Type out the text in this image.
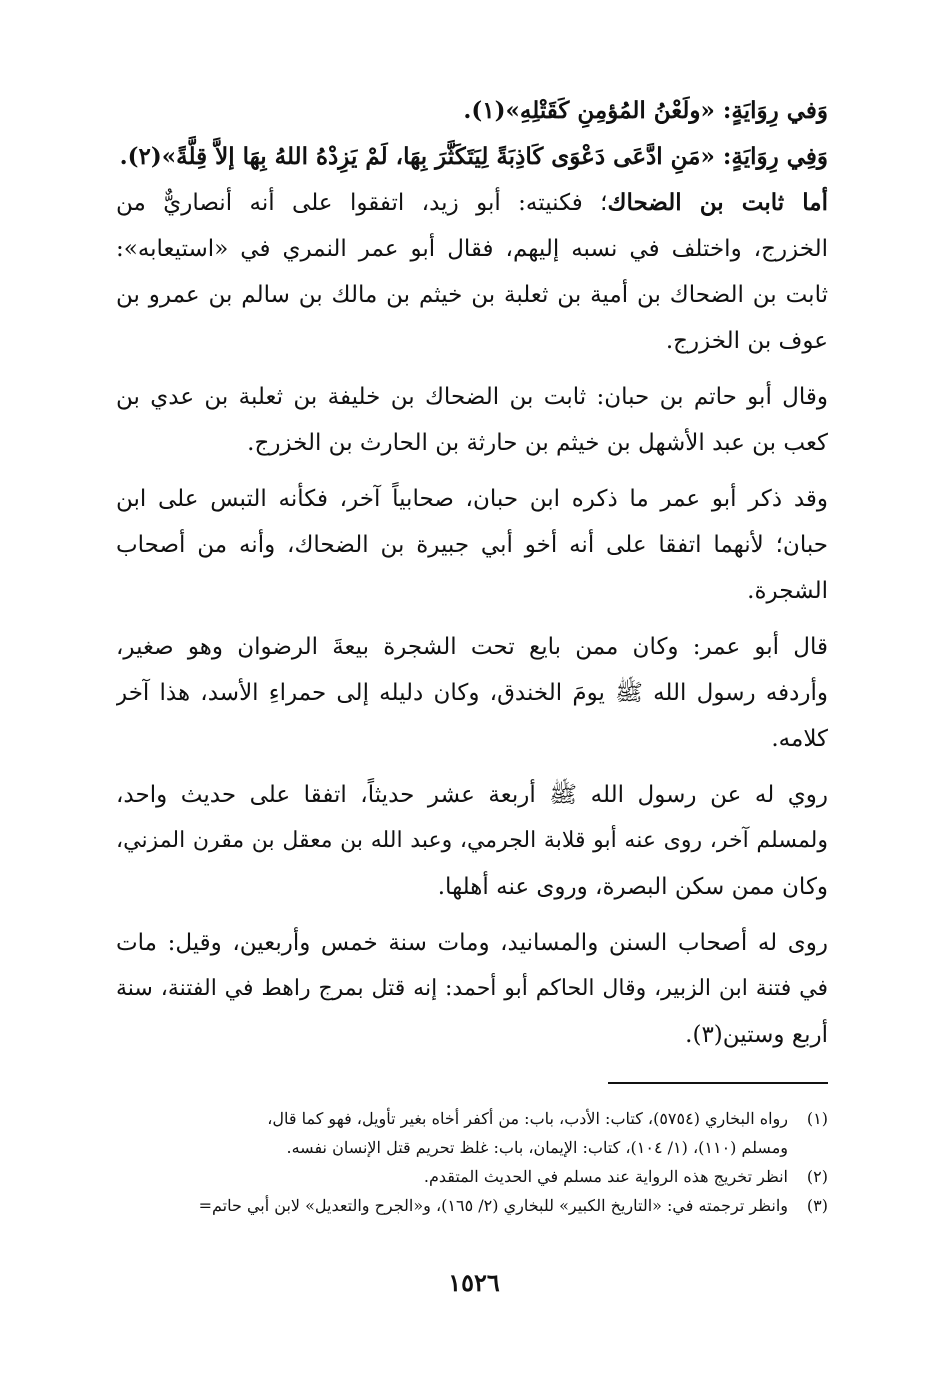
وَفي رِوَايَةٍ: «ولَعْنُ المُؤمِنِ كَقَتْلِهِ»(١).
وَفِي رِوَايَةٍ: «مَنِ ادَّعَى دَعْوَى كَاذِبَةً لِيَتَكَثَّرَ بِهَا، لَمْ يَزِدْهُ اللهُ بِهَا إلاَّ قِلَّةً»(٢).
أما ثابت بن الضحاك؛ فكنيته: أبو زيد، اتفقوا على أنه أنصاريٌّ من
الخزرج، واختلف في نسبه إليهم، فقال أبو عمر النمري في «استيعابه»:
ثابت بن الضحاك بن أمية بن ثعلبة بن خيثم بن مالك بن سالم بن عمرو بن
عوف بن الخزرج.
وقال أبو حاتم بن حبان: ثابت بن الضحاك بن خليفة بن ثعلبة بن عدي بن
كعب بن عبد الأشهل بن خيثم بن حارثة بن الحارث بن الخزرج.
وقد ذكر أبو عمر ما ذكره ابن حبان، صحابياً آخر، فكأنه التبس على ابن
حبان؛ لأنهما اتفقا على أنه أخو أبي جبيرة بن الضحاك، وأنه من أصحاب
الشجرة.
قال أبو عمر: وكان ممن بايع تحت الشجرة بيعةَ الرضوان وهو صغير،
وأردفه رسول الله ﷺ يومَ الخندق، وكان دليله إلى حمراءِ الأسد، هذا آخر
كلامه.
روي له عن رسول الله ﷺ أربعة عشر حديثاً، اتفقا على حديث واحد،
ولمسلم آخر، روى عنه أبو قلابة الجرمي، وعبد الله بن معقل بن مقرن المزني،
وكان ممن سكن البصرة، وروى عنه أهلها.
روى له أصحاب السنن والمسانيد، ومات سنة خمس وأربعين، وقيل: مات
في فتنة ابن الزبير، وقال الحاكم أبو أحمد: إنه قتل بمرج راهط في الفتنة، سنة
أربع وستين(٣).
(١)رواه البخاري (٥٧٥٤)، كتاب: الأدب، باب: من أكفر أخاه بغير تأويل، فهو كما قال،
ومسلم (١١٠)، (١/ ١٠٤)، كتاب: الإيمان، باب: غلظ تحريم قتل الإنسان نفسه.
(٢)انظر تخريج هذه الرواية عند مسلم في الحديث المتقدم.
(٣)وانظر ترجمته في: «التاريخ الكبير» للبخاري (٢/ ١٦٥)، و«الجرح والتعديل» لابن أبي حاتم=
١٥٢٦
